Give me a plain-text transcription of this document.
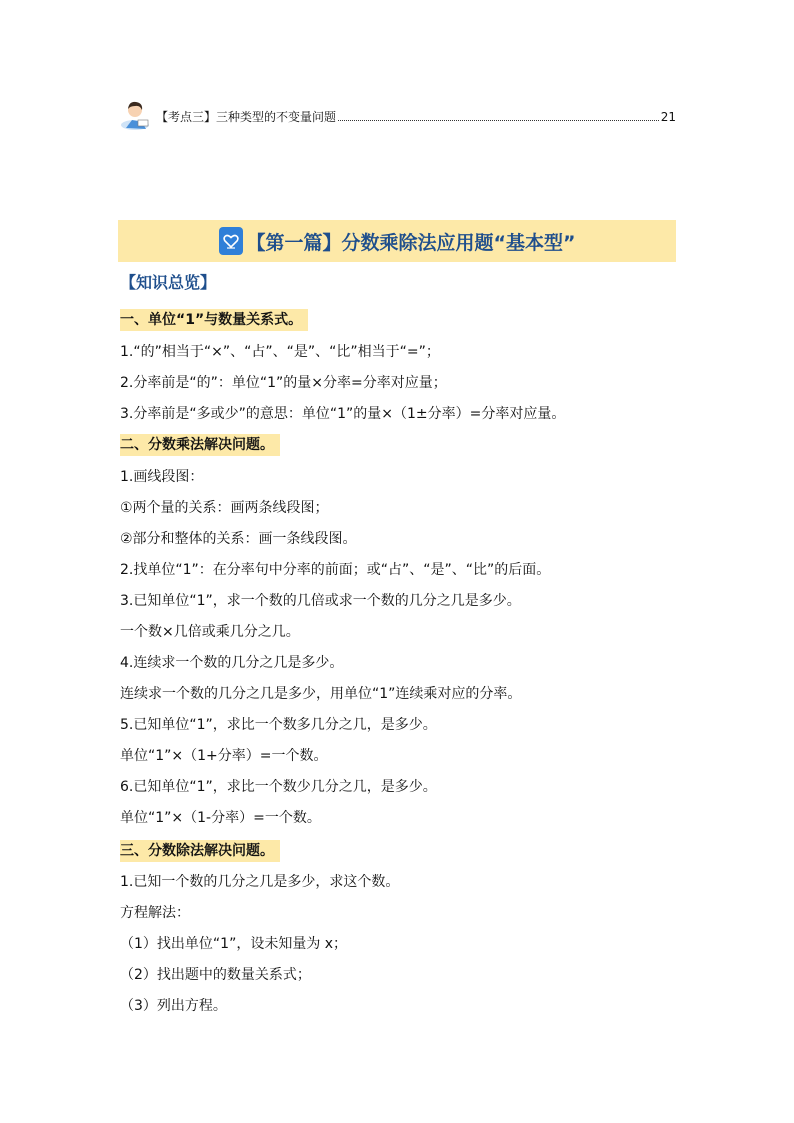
【考点三】三种类型的不变量问题	21
【第一篇】分数乘除法应用题“基本型”
【知识总览】
一、单位“1”与数量关系式。
1.“的”相当于“×”、“占”、“是”、“比”相当于“=”；
2.分率前是“的”：单位“1”的量×分率=分率对应量；
3.分率前是“多或少”的意思：单位“1”的量×（1±分率）=分率对应量。
二、分数乘法解决问题。
1.画线段图：
①两个量的关系：画两条线段图；
②部分和整体的关系：画一条线段图。
2.找单位“1”：在分率句中分率的前面；或“占”、“是”、“比”的后面。
3.已知单位“1”，求一个数的几倍或求一个数的几分之几是多少。
一个数×几倍或乘几分之几。
4.连续求一个数的几分之几是多少。
连续求一个数的几分之几是多少，用单位“1”连续乘对应的分率。
5.已知单位“1”，求比一个数多几分之几，是多少。
单位“1”×（1+分率）=一个数。
6.已知单位“1”，求比一个数少几分之几，是多少。
单位“1”×（1-分率）=一个数。
三、分数除法解决问题。
1.已知一个数的几分之几是多少，求这个数。
方程解法：
（1）找出单位“1”，设未知量为 x；
（2）找出题中的数量关系式；
（3）列出方程。
